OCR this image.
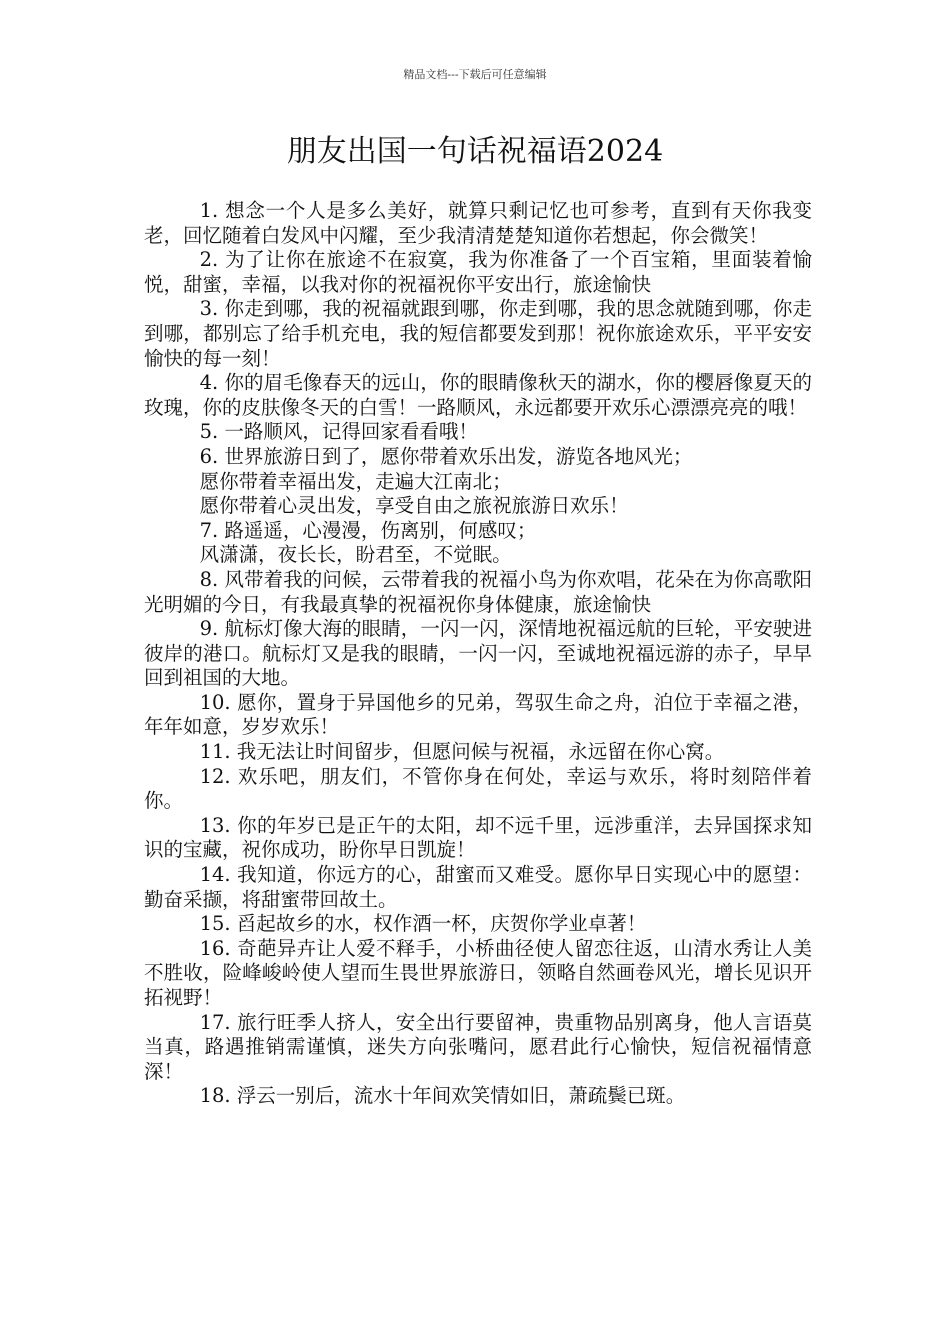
精品文档---下载后可任意编辑
朋友出国一句话祝福语2024

1. 想念一个人是多么美好，就算只剩记忆也可参考，直到有天你我变老，回忆随着白发风中闪耀，至少我清清楚楚知道你若想起，你会微笑！

2. 为了让你在旅途不在寂寞，我为你准备了一个百宝箱，里面装着愉悦，甜蜜，幸福，以我对你的祝福祝你平安出行，旅途愉快

3. 你走到哪，我的祝福就跟到哪，你走到哪，我的思念就随到哪，你走到哪，都别忘了给手机充电，我的短信都要发到那！祝你旅途欢乐，平平安安愉快的每一刻！

4. 你的眉毛像春天的远山，你的眼睛像秋天的湖水，你的樱唇像夏天的玫瑰，你的皮肤像冬天的白雪！一路顺风，永远都要开欢乐心漂漂亮亮的哦！

5. 一路顺风，记得回家看看哦！

6. 世界旅游日到了，愿你带着欢乐出发，游览各地风光；

愿你带着幸福出发，走遍大江南北；

愿你带着心灵出发，享受自由之旅祝旅游日欢乐！

7. 路遥遥，心漫漫，伤离别，何感叹；

风潇潇，夜长长，盼君至，不觉眠。

8. 风带着我的问候，云带着我的祝福小鸟为你欢唱，花朵在为你高歌阳光明媚的今日，有我最真挚的祝福祝你身体健康，旅途愉快

9. 航标灯像大海的眼睛，一闪一闪，深情地祝福远航的巨轮，平安驶进彼岸的港口。航标灯又是我的眼睛，一闪一闪，至诚地祝福远游的赤子，早早回到祖国的大地。

10. 愿你，置身于异国他乡的兄弟，驾驭生命之舟，泊位于幸福之港，年年如意，岁岁欢乐！

11. 我无法让时间留步，但愿问候与祝福，永远留在你心窝。

12. 欢乐吧，朋友们，不管你身在何处，幸运与欢乐，将时刻陪伴着你。

13. 你的年岁已是正午的太阳，却不远千里，远涉重洋，去异国探求知识的宝藏，祝你成功，盼你早日凯旋！

14. 我知道，你远方的心，甜蜜而又难受。愿你早日实现心中的愿望：勤奋采撷，将甜蜜带回故土。

15. 舀起故乡的水，权作酒一杯，庆贺你学业卓著！

16. 奇葩异卉让人爱不释手，小桥曲径使人留恋往返，山清水秀让人美不胜收，险峰峻岭使人望而生畏世界旅游日，领略自然画卷风光，增长见识开拓视野！

17. 旅行旺季人挤人，安全出行要留神，贵重物品别离身，他人言语莫当真，路遇推销需谨慎，迷失方向张嘴问，愿君此行心愉快，短信祝福情意深！

18. 浮云一别后，流水十年间欢笑情如旧，萧疏鬓已斑。
